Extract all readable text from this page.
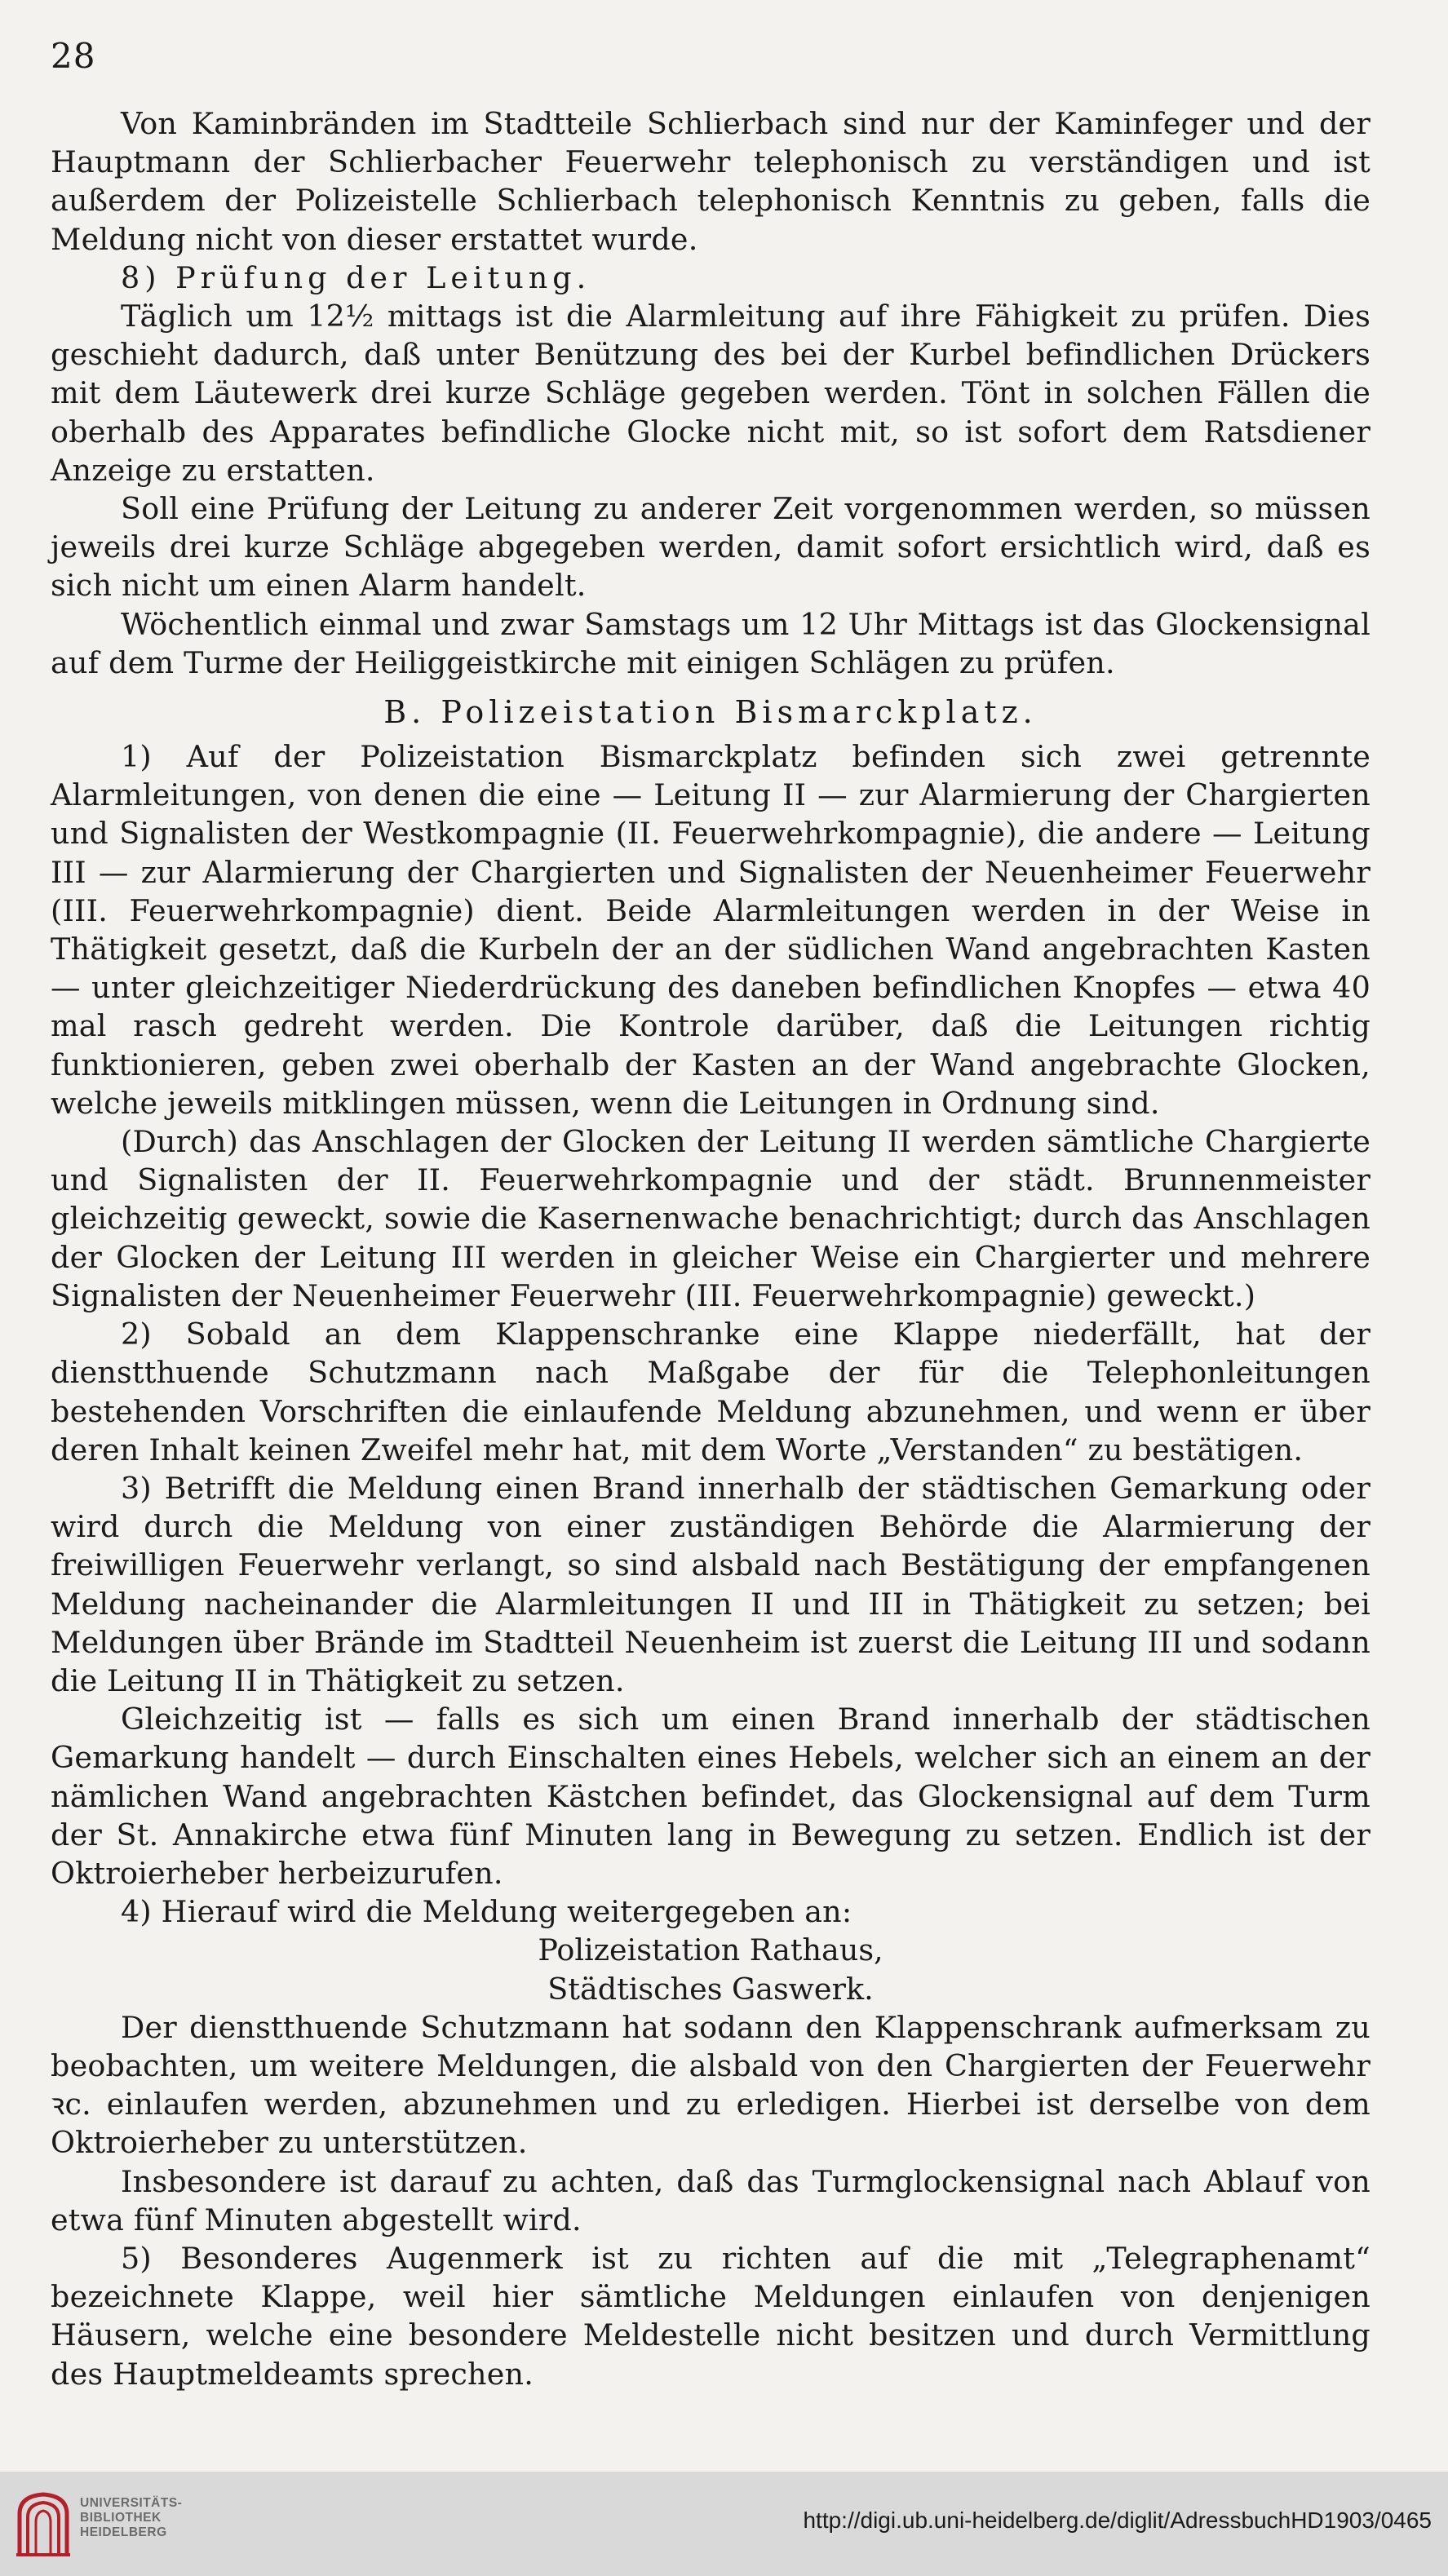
28

Von Kaminbränden im Stadtteile Schlierbach sind nur der Kaminfeger und der Hauptmann der Schlierbacher Feuerwehr telephonisch zu verständigen und ist außerdem der Polizeistelle Schlierbach telephonisch Kenntnis zu geben, falls die Meldung nicht von dieser erstattet wurde.

8) Prüfung der Leitung.

Täglich um 12½ mittags ist die Alarmleitung auf ihre Fähigkeit zu prüfen. Dies geschieht dadurch, daß unter Benützung des bei der Kurbel befindlichen Drückers mit dem Läutewerk drei kurze Schläge gegeben werden. Tönt in solchen Fällen die oberhalb des Apparates befindliche Glocke nicht mit, so ist sofort dem Ratsdiener Anzeige zu erstatten.

Soll eine Prüfung der Leitung zu anderer Zeit vorgenommen werden, so müssen jeweils drei kurze Schläge abgegeben werden, damit sofort ersichtlich wird, daß es sich nicht um einen Alarm handelt.

Wöchentlich einmal und zwar Samstags um 12 Uhr Mittags ist das Glockensignal auf dem Turme der Heiliggeistkirche mit einigen Schlägen zu prüfen.

B. Polizeistation Bismarckplatz.

1) Auf der Polizeistation Bismarckplatz befinden sich zwei getrennte Alarmleitungen, von denen die eine — Leitung II — zur Alarmierung der Chargierten und Signalisten der Westkompagnie (II. Feuerwehrkompagnie), die andere — Leitung III — zur Alarmierung der Chargierten und Signalisten der Neuenheimer Feuerwehr (III. Feuerwehrkompagnie) dient. Beide Alarmleitungen werden in der Weise in Thätigkeit gesetzt, daß die Kurbeln der an der südlichen Wand angebrachten Kasten — unter gleichzeitiger Niederdrückung des daneben befindlichen Knopfes — etwa 40 mal rasch gedreht werden. Die Kontrole darüber, daß die Leitungen richtig funktionieren, geben zwei oberhalb der Kasten an der Wand angebrachte Glocken, welche jeweils mitklingen müssen, wenn die Leitungen in Ordnung sind.

(Durch) das Anschlagen der Glocken der Leitung II werden sämtliche Chargierte und Signalisten der II. Feuerwehrkompagnie und der städt. Brunnenmeister gleichzeitig geweckt, sowie die Kasernenwache benachrichtigt; durch das Anschlagen der Glocken der Leitung III werden in gleicher Weise ein Chargierter und mehrere Signalisten der Neuenheimer Feuerwehr (III. Feuerwehrkompagnie) geweckt.)

2) Sobald an dem Klappenschranke eine Klappe niederfällt, hat der dienstthuende Schutzmann nach Maßgabe der für die Telephonleitungen bestehenden Vorschriften die einlaufende Meldung abzunehmen, und wenn er über deren Inhalt keinen Zweifel mehr hat, mit dem Worte „Verstanden“ zu bestätigen.

3) Betrifft die Meldung einen Brand innerhalb der städtischen Gemarkung oder wird durch die Meldung von einer zuständigen Behörde die Alarmierung der freiwilligen Feuerwehr verlangt, so sind alsbald nach Bestätigung der empfangenen Meldung nacheinander die Alarmleitungen II und III in Thätigkeit zu setzen; bei Meldungen über Brände im Stadtteil Neuenheim ist zuerst die Leitung III und sodann die Leitung II in Thätigkeit zu setzen.

Gleichzeitig ist — falls es sich um einen Brand innerhalb der städtischen Gemarkung handelt — durch Einschalten eines Hebels, welcher sich an einem an der nämlichen Wand angebrachten Kästchen befindet, das Glockensignal auf dem Turm der St. Annakirche etwa fünf Minuten lang in Bewegung zu setzen. Endlich ist der Oktroierheber herbeizurufen.

4) Hierauf wird die Meldung weitergegeben an:

Polizeistation Rathaus,

Städtisches Gaswerk.

Der dienstthuende Schutzmann hat sodann den Klappenschrank aufmerksam zu beobachten, um weitere Meldungen, die alsbald von den Chargierten der Feuerwehr ꝛc. einlaufen werden, abzunehmen und zu erledigen. Hierbei ist derselbe von dem Oktroierheber zu unterstützen.

Insbesondere ist darauf zu achten, daß das Turmglockensignal nach Ablauf von etwa fünf Minuten abgestellt wird.

5) Besonderes Augenmerk ist zu richten auf die mit „Telegraphenamt“ bezeichnete Klappe, weil hier sämtliche Meldungen einlaufen von denjenigen Häusern, welche eine besondere Meldestelle nicht besitzen und durch Vermittlung des Hauptmeldeamts sprechen.

UNIVERSITÄTS-
BIBLIOTHEK
HEIDELBERG	http://digi.ub.uni-heidelberg.de/diglit/AdressbuchHD1903/0465
